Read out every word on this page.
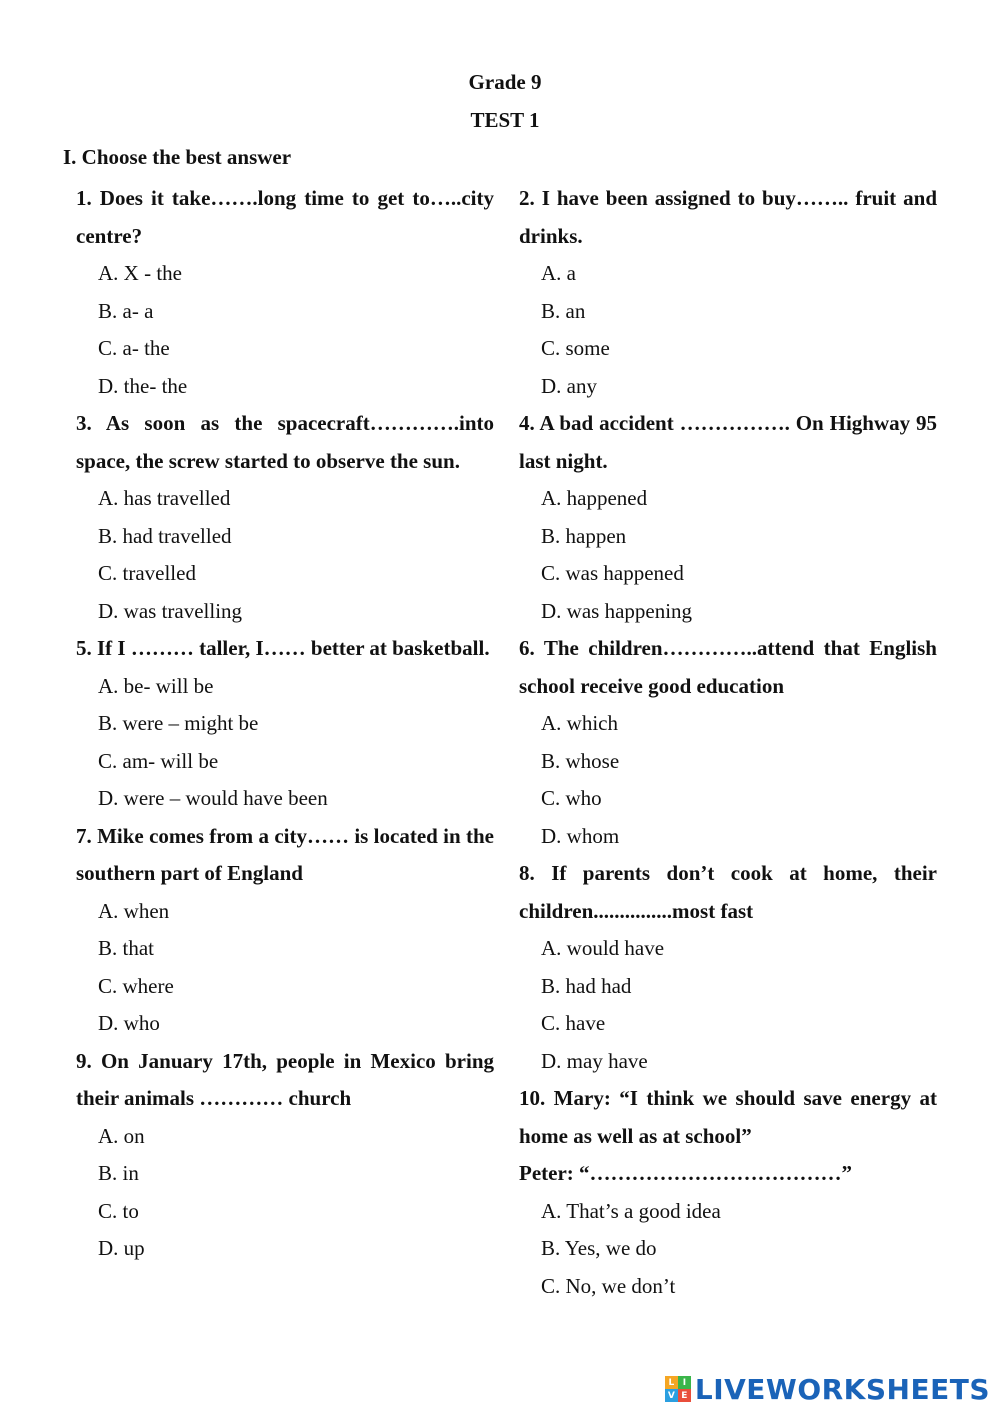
Grade 9
TEST 1
I. Choose the best answer

1. Does it take…….long time to get to…..city centre?

A. X - the

B. a- a

C. a- the

D. the- the

3. As soon as the spacecraft………….into space, the screw started to observe the sun.

A. has travelled

B. had travelled

C. travelled

D. was travelling

5. If I ……… taller, I…… better at basketball.

A. be- will be

B. were – might be

C. am- will be

D. were – would have been

7. Mike comes from a city…… is located in the southern part of England

A. when

B. that

C. where

D. who

9. On January 17th, people in Mexico bring their animals ………… church

A. on

B. in

C. to

D. up

2. I have been assigned to buy…….. fruit and drinks.

A. a

B. an

C. some

D. any

4. A bad accident ……………. On Highway 95 last night.

A. happened

B. happen

C. was happened

D. was happening

6. The children…………..attend that English school receive good education

A. which

B. whose

C. who

D. whom

8. If parents don’t cook at home, their children...............most fast

A. would have

B. had had

C. have

D. may have

10. Mary: “I think we should save energy at home as well as at school”

Peter: “………………………………”

A. That’s a good idea

B. Yes, we do

C. No, we don’t

L I
V E LIVEWORKSHEETS
